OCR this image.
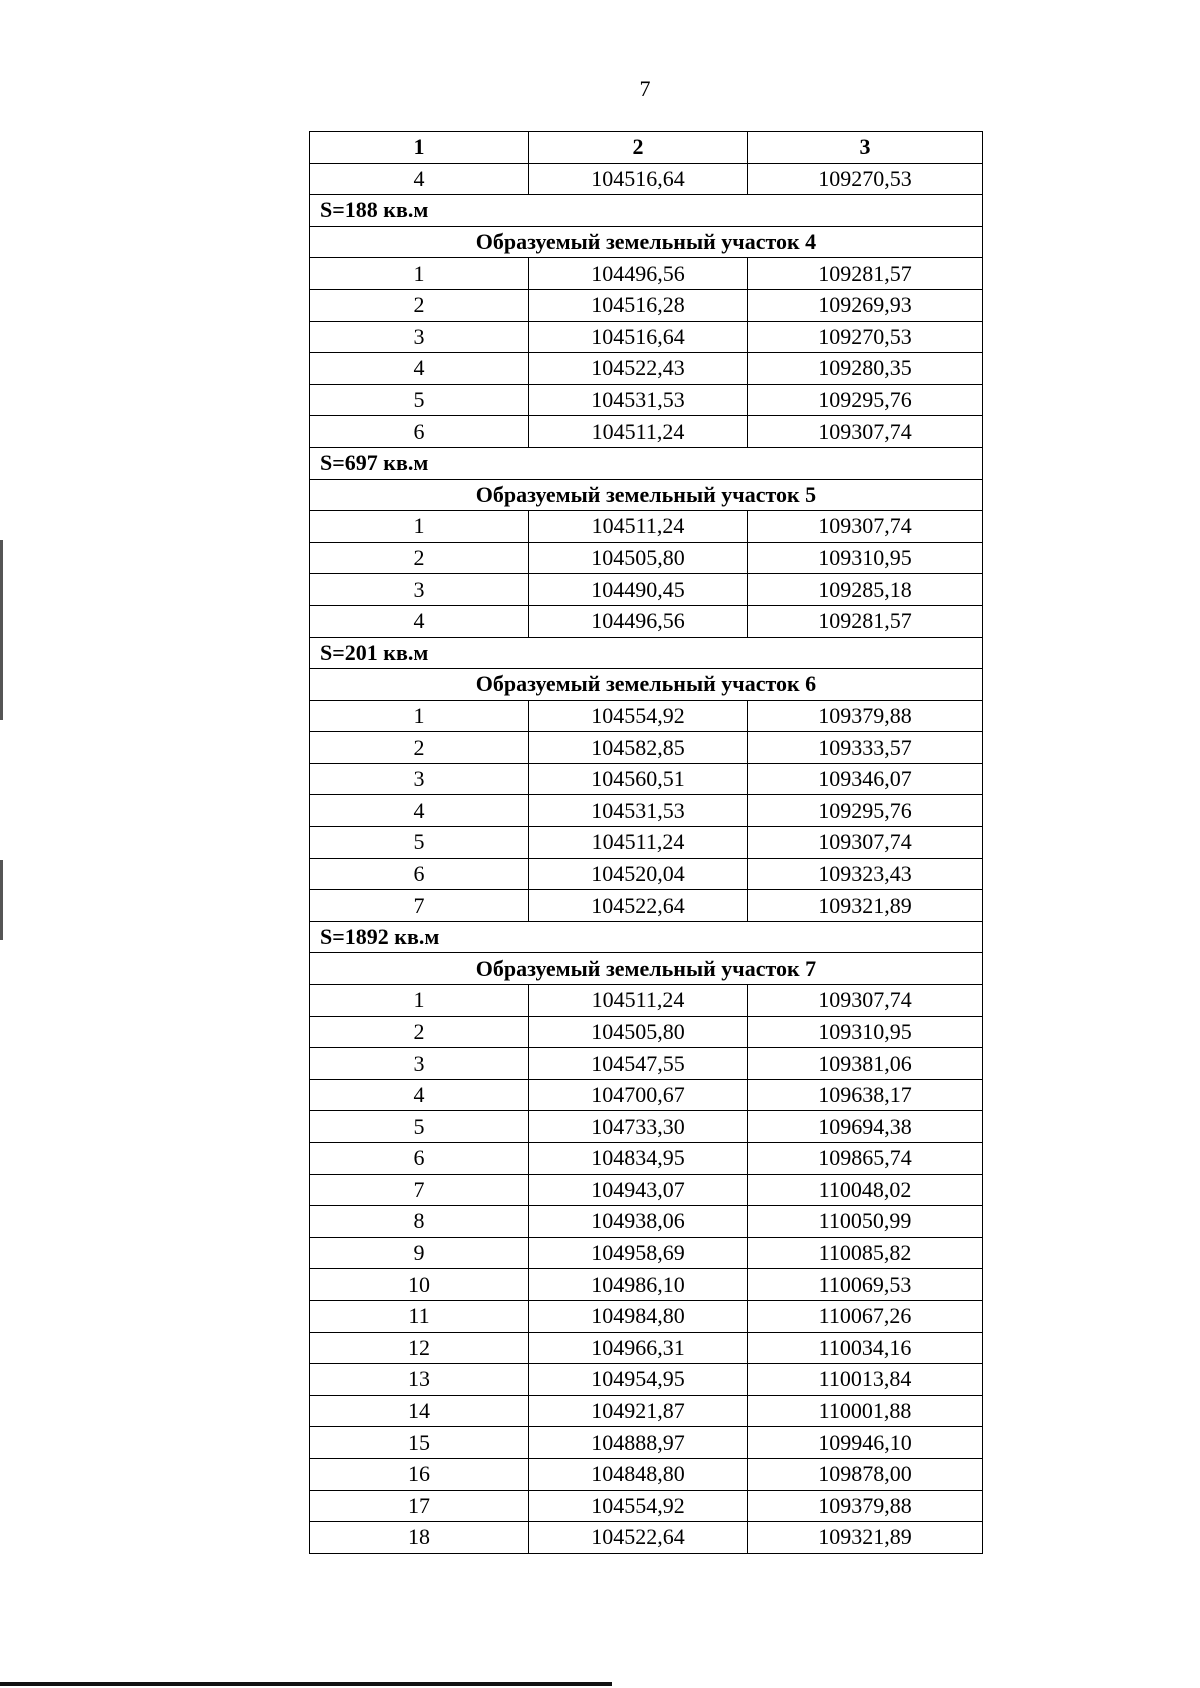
7
1	2	3
4	104516,64	109270,53
S=188 кв.м		
Образуемый земельный участок 4		
1	104496,56	109281,57
2	104516,28	109269,93
3	104516,64	109270,53
4	104522,43	109280,35
5	104531,53	109295,76
6	104511,24	109307,74
S=697 кв.м		
Образуемый земельный участок 5		
1	104511,24	109307,74
2	104505,80	109310,95
3	104490,45	109285,18
4	104496,56	109281,57
S=201 кв.м		
Образуемый земельный участок 6		
1	104554,92	109379,88
2	104582,85	109333,57
3	104560,51	109346,07
4	104531,53	109295,76
5	104511,24	109307,74
6	104520,04	109323,43
7	104522,64	109321,89
S=1892 кв.м		
Образуемый земельный участок 7		
1	104511,24	109307,74
2	104505,80	109310,95
3	104547,55	109381,06
4	104700,67	109638,17
5	104733,30	109694,38
6	104834,95	109865,74
7	104943,07	110048,02
8	104938,06	110050,99
9	104958,69	110085,82
10	104986,10	110069,53
11	104984,80	110067,26
12	104966,31	110034,16
13	104954,95	110013,84
14	104921,87	110001,88
15	104888,97	109946,10
16	104848,80	109878,00
17	104554,92	109379,88
18	104522,64	109321,89
